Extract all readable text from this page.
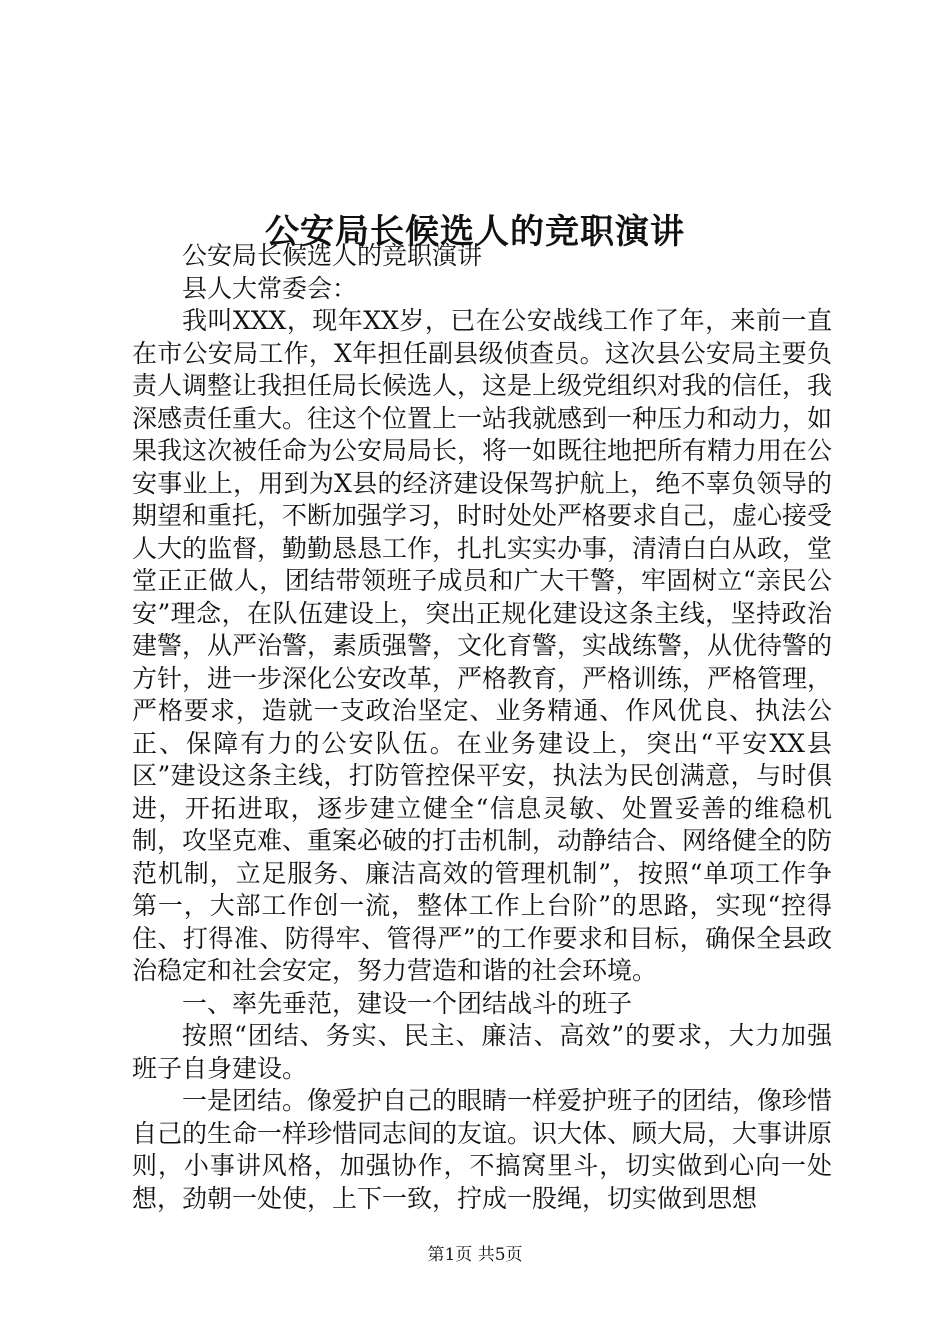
公安局长候选人的竞职演讲

公安局长候选人的竞职演讲

县人大常委会：

我叫XXX，现年XX岁，已在公安战线工作了年，来前一直在市公安局工作，X年担任副县级侦查员。这次县公安局主要负责人调整让我担任局长候选人，这是上级党组织对我的信任，我深感责任重大。往这个位置上一站我就感到一种压力和动力，如果我这次被任命为公安局局长，将一如既往地把所有精力用在公安事业上，用到为X县的经济建设保驾护航上，绝不辜负领导的期望和重托，不断加强学习，时时处处严格要求自己，虚心接受人大的监督，勤勤恳恳工作，扎扎实实办事，清清白白从政，堂堂正正做人，团结带领班子成员和广大干警，牢固树立“亲民公安”理念，在队伍建设上，突出正规化建设这条主线，坚持政治建警，从严治警，素质强警，文化育警，实战练警，从优待警的方针，进一步深化公安改革，严格教育，严格训练，严格管理，严格要求，造就一支政治坚定、业务精通、作风优良、执法公正、保障有力的公安队伍。在业务建设上，突出“平安XX县区”建设这条主线，打防管控保平安，执法为民创满意，与时俱进，开拓进取，逐步建立健全“信息灵敏、处置妥善的维稳机制，攻坚克难、重案必破的打击机制，动静结合、网络健全的防范机制，立足服务、廉洁高效的管理机制”，按照“单项工作争第一，大部工作创一流，整体工作上台阶”的思路，实现“控得住、打得准、防得牢、管得严”的工作要求和目标，确保全县政治稳定和社会安定，努力营造和谐的社会环境。

一、率先垂范，建设一个团结战斗的班子

按照“团结、务实、民主、廉洁、高效”的要求，大力加强班子自身建设。

一是团结。像爱护自己的眼睛一样爱护班子的团结，像珍惜自己的生命一样珍惜同志间的友谊。识大体、顾大局，大事讲原则，小事讲风格，加强协作，不搞窝里斗，切实做到心向一处想，劲朝一处使，上下一致，拧成一股绳，切实做到思想

第1页 共5页
